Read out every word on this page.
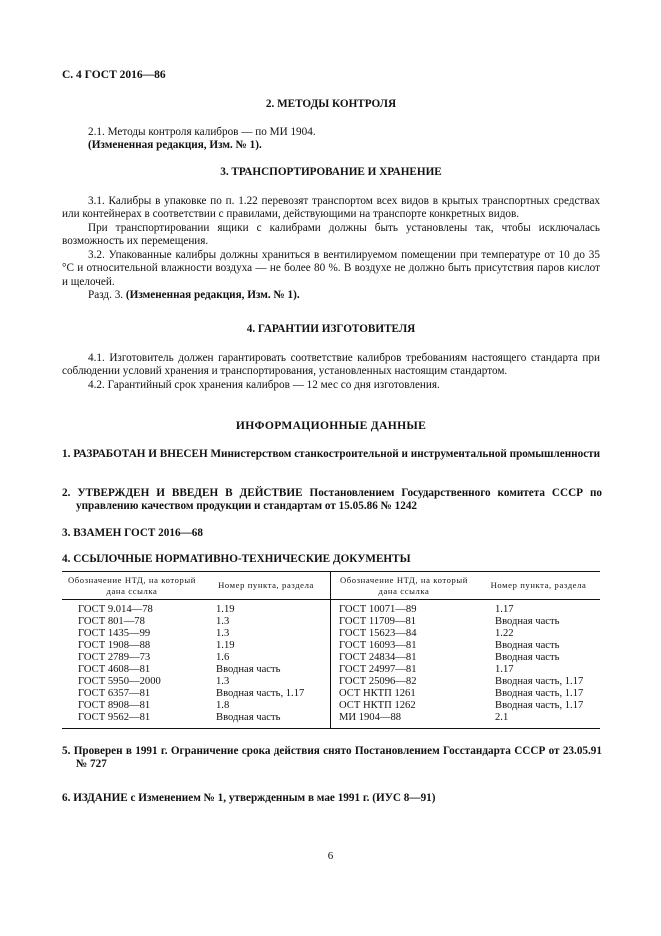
С. 4 ГОСТ 2016—86
2. МЕТОДЫ КОНТРОЛЯ

2.1. Методы контроля калибров — по МИ 1904.

(Измененная редакция, Изм. № 1).

3. ТРАНСПОРТИРОВАНИЕ И ХРАНЕНИЕ

3.1. Калибры в упаковке по п. 1.22 перевозят транспортом всех видов в крытых транспортных средствах или контейнерах в соответствии с правилами, действующими на транспорте конкретных видов.

При транспортировании ящики с калибрами должны быть установлены так, чтобы исключалась возможность их перемещения.

3.2. Упакованные калибры должны храниться в вентилируемом помещении при температуре от 10 до 35 °С и относительной влажности воздуха — не более 80 %. В воздухе не должно быть присутствия паров кислот и щелочей.

Разд. 3. (Измененная редакция, Изм. № 1).

4. ГАРАНТИИ ИЗГОТОВИТЕЛЯ

4.1. Изготовитель должен гарантировать соответствие калибров требованиям настоящего стандарта при соблюдении условий хранения и транспортирования, установленных настоящим стандартом.

4.2. Гарантийный срок хранения калибров — 12 мес со дня изготовления.

ИНФОРМАЦИОННЫЕ ДАННЫЕ
1. РАЗРАБОТАН И ВНЕСЕН Министерством станкостроительной и инструментальной промышленности
2. УТВЕРЖДЕН И ВВЕДЕН В ДЕЙСТВИЕ Постановлением Государственного комитета СССР по управлению качеством продукции и стандартам от 15.05.86 № 1242
3. ВЗАМЕН ГОСТ 2016—68
4. ССЫЛОЧНЫЕ НОРМАТИВНО-ТЕХНИЧЕСКИЕ ДОКУМЕНТЫ
Обозначение НТД, на который дана ссылка	Номер пункта, раздела	Обозначение НТД, на который дана ссылка	Номер пункта, раздела
ГОСТ 9.014—78	1.19	ГОСТ 10071—89	1.17
ГОСТ 801—78	1.3	ГОСТ 11709—81	Вводная часть
ГОСТ 1435—99	1.3	ГОСТ 15623—84	1.22
ГОСТ 1908—88	1.19	ГОСТ 16093—81	Вводная часть
ГОСТ 2789—73	1.6	ГОСТ 24834—81	Вводная часть
ГОСТ 4608—81	Вводная часть	ГОСТ 24997—81	1.17
ГОСТ 5950—2000	1.3	ГОСТ 25096—82	Вводная часть, 1.17
ГОСТ 6357—81	Вводная часть, 1.17	ОСТ НКТП 1261	Вводная часть, 1.17
ГОСТ 8908—81	1.8	ОСТ НКТП 1262	Вводная часть, 1.17
ГОСТ 9562—81	Вводная часть	МИ 1904—88	2.1
5. Проверен в 1991 г. Ограничение срока действия снято Постановлением Госстандарта СССР от 23.05.91 № 727
6. ИЗДАНИЕ с Изменением № 1, утвержденным в мае 1991 г. (ИУС 8—91)
6
